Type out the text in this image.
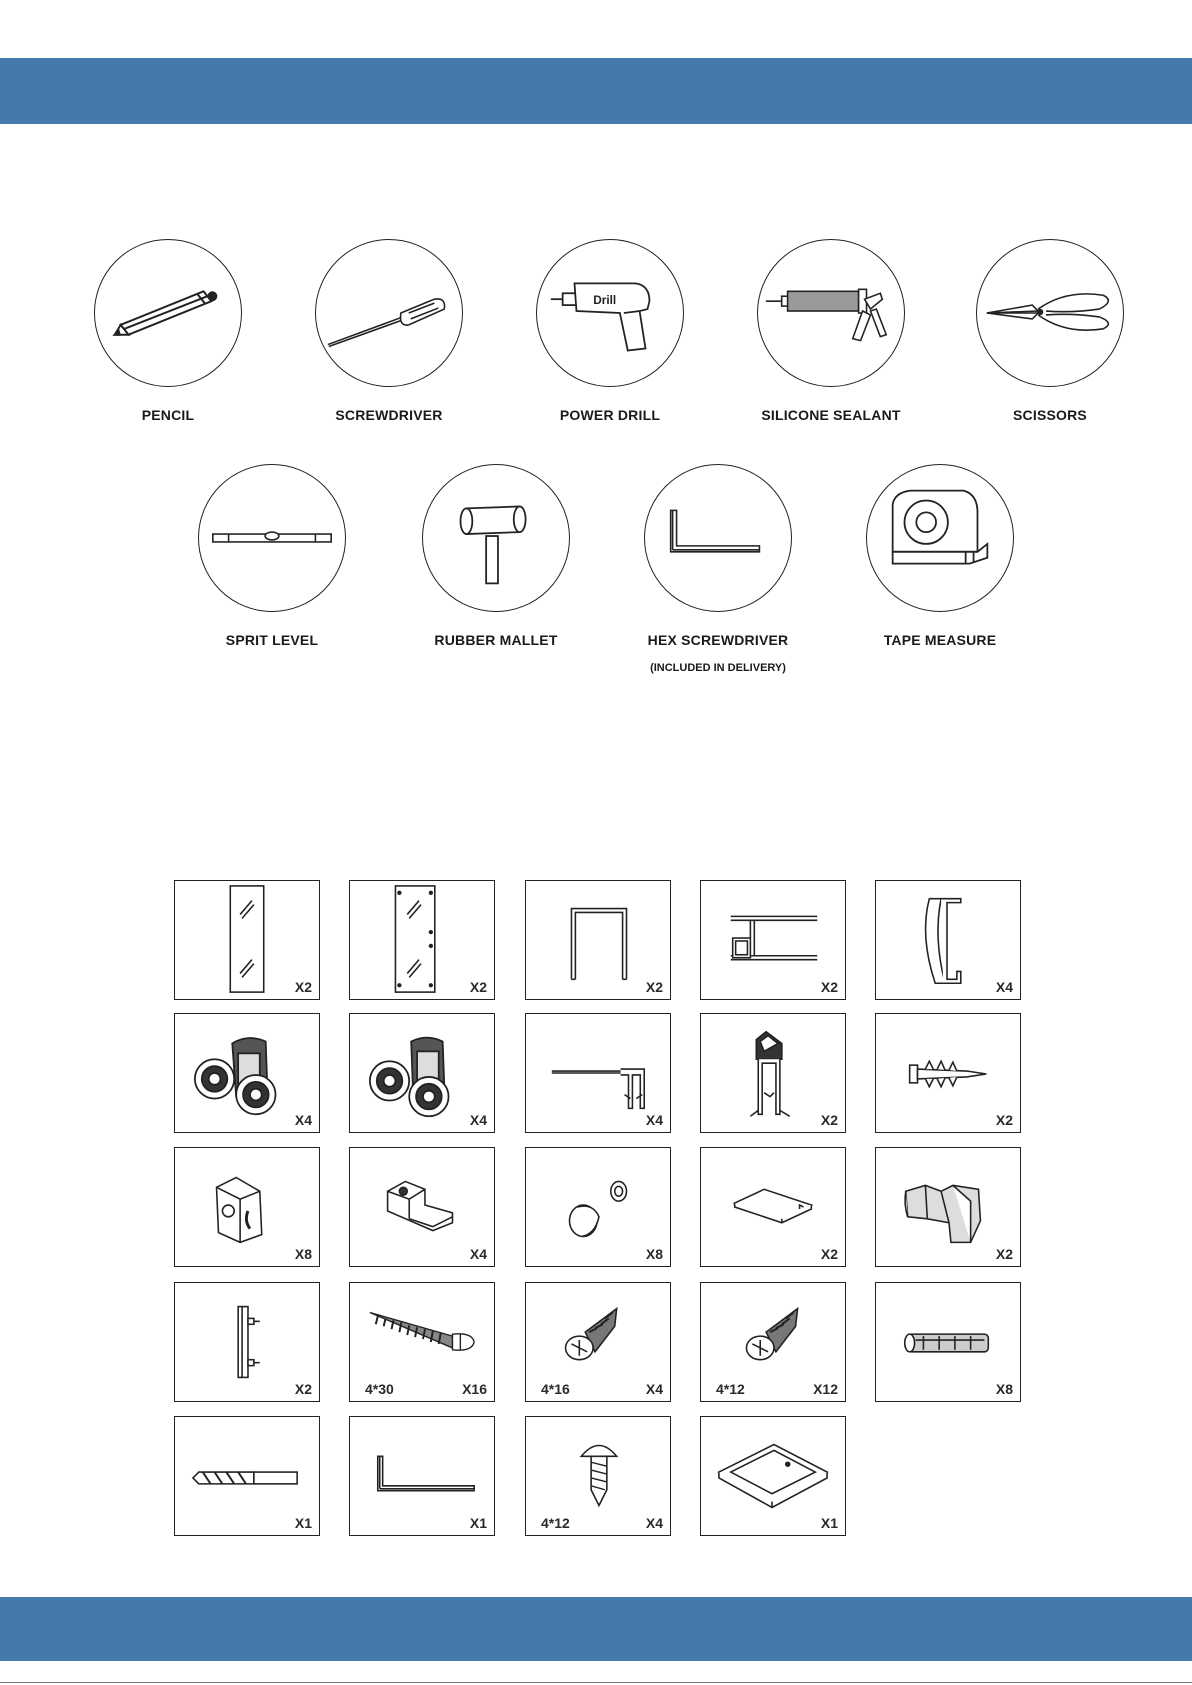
PENCIL	SCREWDRIVER
Drill
POWER DRILL	SILICONE SEALANT	SCISSORS
SPRIT LEVEL	RUBBER MALLET	HEX SCREWDRIVER
(INCLUDED IN DELIVERY)
TAPE MEASURE
X2	X2	X2	X2	X4
X4	X4	X4	X2	X2
X8	X4	X8	X2	X2
X2	4*30	X16	4*16	X4	4*12	X12	X8
X1	X1	4*12	X4	X1
